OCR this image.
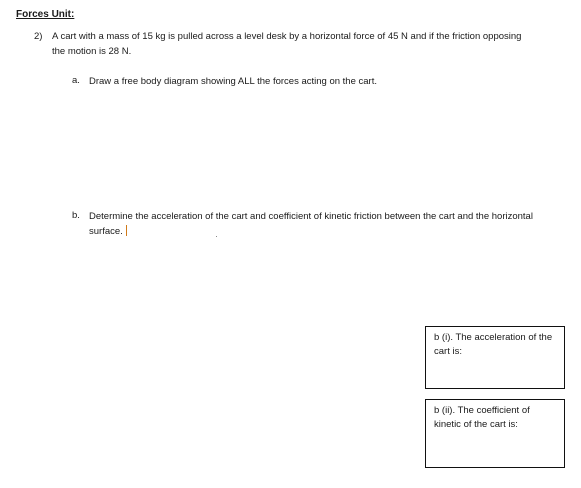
Forces Unit:
2) A cart with a mass of 15 kg is pulled across a level desk by a horizontal force of 45 N and if the friction opposing the motion is 28 N.
a. Draw a free body diagram showing ALL the forces acting on the cart.
b. Determine the acceleration of the cart and coefficient of kinetic friction between the cart and the horizontal surface.
b (i). The acceleration of the cart is:
b (ii). The coefficient of kinetic of the cart is:
